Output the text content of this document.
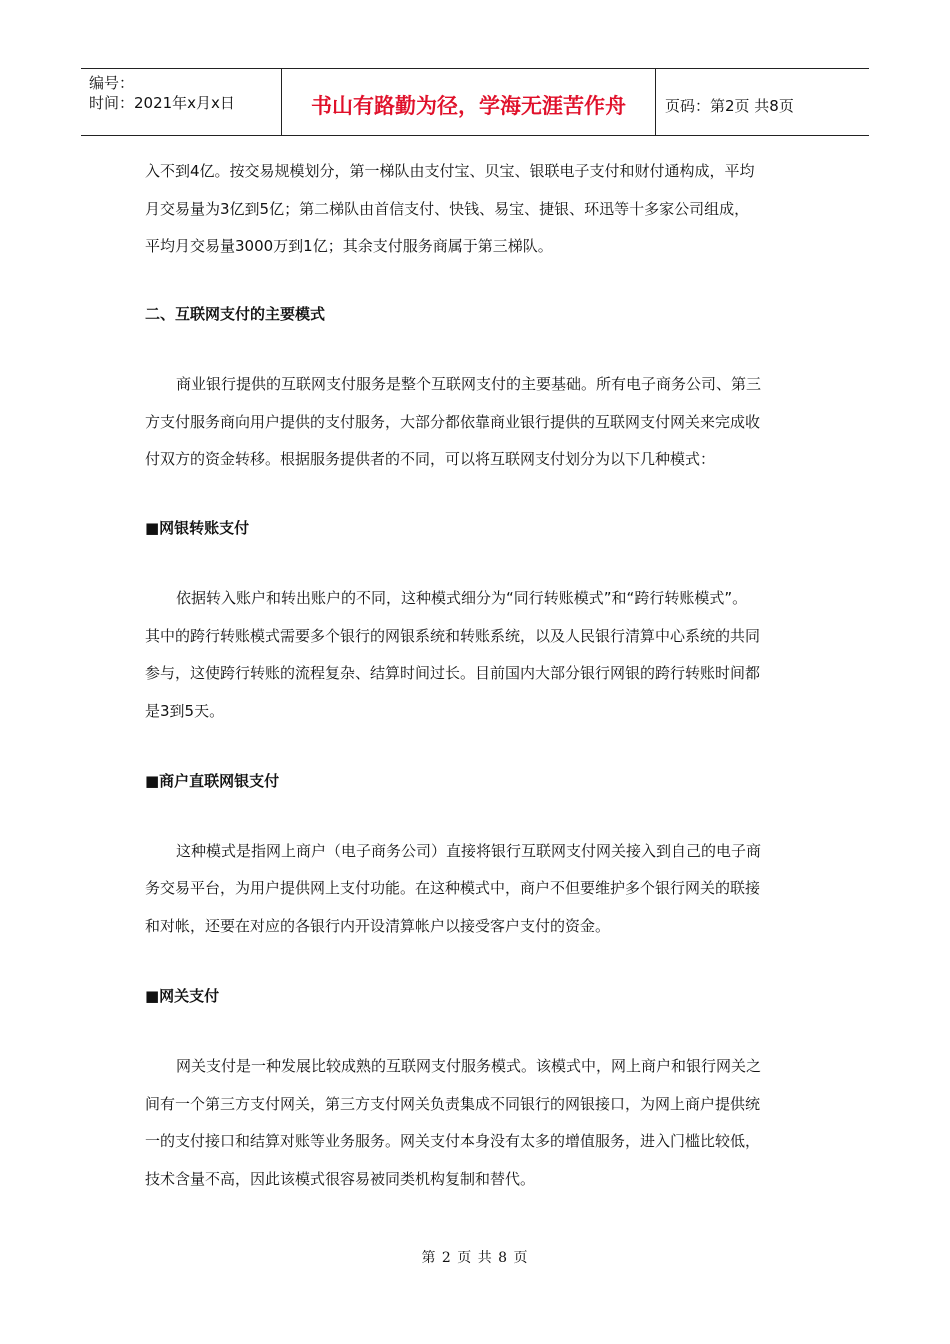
编号：
时间：2021年x月x日	书山有路勤为径，学海无涯苦作舟	页码：第2页 共8页
入不到4亿。按交易规模划分，第一梯队由支付宝、贝宝、银联电子支付和财付通构成，平均
月交易量为3亿到5亿；第二梯队由首信支付、快钱、易宝、捷银、环迅等十多家公司组成，
平均月交易量3000万到1亿；其余支付服务商属于第三梯队。
二、互联网支付的主要模式
商业银行提供的互联网支付服务是整个互联网支付的主要基础。所有电子商务公司、第三
方支付服务商向用户提供的支付服务，大部分都依靠商业银行提供的互联网支付网关来完成收
付双方的资金转移。根据服务提供者的不同，可以将互联网支付划分为以下几种模式：
■网银转账支付
依据转入账户和转出账户的不同，这种模式细分为“同行转账模式”和“跨行转账模式”。
其中的跨行转账模式需要多个银行的网银系统和转账系统，以及人民银行清算中心系统的共同
参与，这使跨行转账的流程复杂、结算时间过长。目前国内大部分银行网银的跨行转账时间都
是3到5天。
■商户直联网银支付
这种模式是指网上商户（电子商务公司）直接将银行互联网支付网关接入到自己的电子商
务交易平台，为用户提供网上支付功能。在这种模式中，商户不但要维护多个银行网关的联接
和对帐，还要在对应的各银行内开设清算帐户以接受客户支付的资金。
■网关支付
网关支付是一种发展比较成熟的互联网支付服务模式。该模式中，网上商户和银行网关之
间有一个第三方支付网关，第三方支付网关负责集成不同银行的网银接口，为网上商户提供统
一的支付接口和结算对账等业务服务。网关支付本身没有太多的增值服务，进入门槛比较低，
技术含量不高，因此该模式很容易被同类机构复制和替代。
第 2 页 共 8 页
